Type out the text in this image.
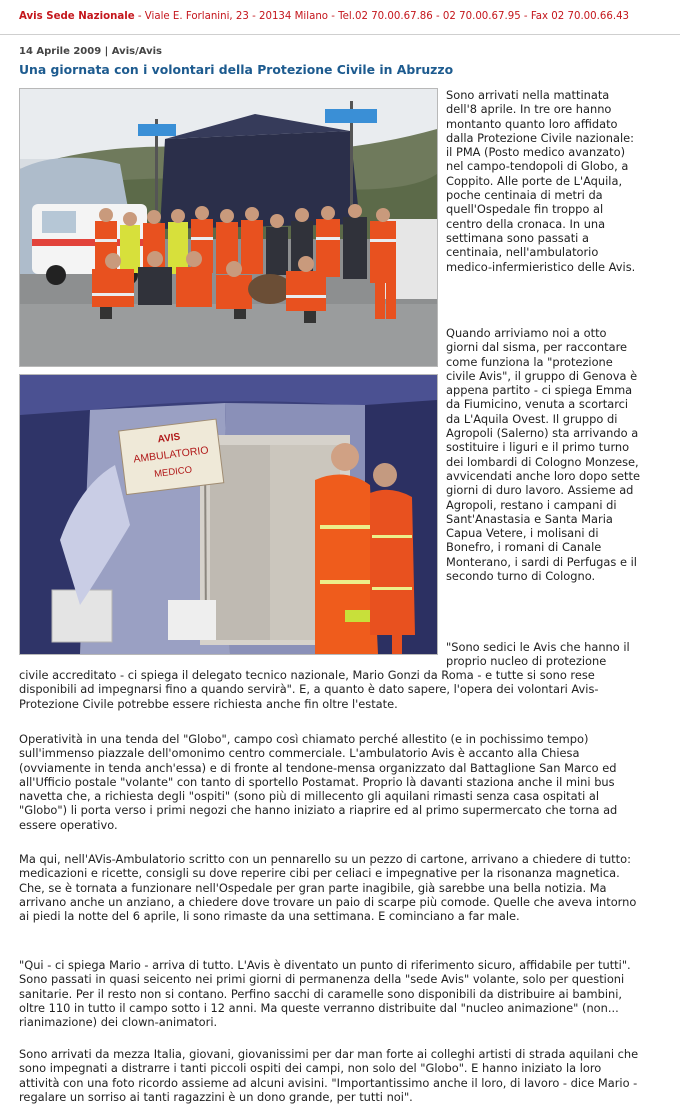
Avis Sede Nazionale - Viale E. Forlanini, 23 - 20134 Milano - Tel.02 70.00.67.86 - 02 70.00.67.95 - Fax 02 70.00.66.43
14 Aprile 2009 | Avis/Avis
Una giornata con i volontari della Protezione Civile in Abruzzo
AVIS
AMBULATORIO
MEDICO

Sono arrivati nella mattinata dell'8 aprile. In tre ore hanno montanto quanto loro affidato dalla Protezione Civile nazionale: il PMA (Posto medico avanzato) nel campo-tendopoli di Globo, a Coppito. Alle porte de L'Aquila, poche centinaia di metri da quell'Ospedale fin troppo al centro della cronaca. In una settimana sono passati a centinaia, nell'ambulatorio medico-infermieristico delle Avis.

Quando arriviamo noi a otto giorni dal sisma, per raccontare come funziona la "protezione civile Avis", il gruppo di Genova è appena partito - ci spiega Emma da Fiumicino, venuta a scortarci da L'Aquila Ovest. Il gruppo di Agropoli (Salerno) sta arrivando a sostituire i liguri e il primo turno dei lombardi di Cologno Monzese, avvicendati anche loro dopo sette giorni di duro lavoro. Assieme ad Agropoli, restano i campani di Sant'Anastasia e Santa Maria Capua Vetere, i molisani di Bonefro, i romani di Canale Monterano, i sardi di Perfugas e il secondo turno di Cologno.

"Sono sedici le Avis che hanno il proprio nucleo di protezione

civile accreditato - ci spiega il delegato tecnico nazionale, Mario Gonzi da Roma - e tutte si sono rese disponibili ad impegnarsi fino a quando servirà". E, a quanto è dato sapere, l'opera dei volontari Avis-Protezione Civile potrebbe essere richiesta anche fin oltre l'estate.

Operatività in una tenda del "Globo", campo così chiamato perché allestito (e in pochissimo tempo) sull'immenso piazzale dell'omonimo centro commerciale. L'ambulatorio Avis è accanto alla Chiesa (ovviamente in tenda anch'essa) e di fronte al tendone-mensa organizzato dal Battaglione San Marco ed all'Ufficio postale "volante" con tanto di sportello Postamat. Proprio là davanti staziona anche il mini bus navetta che, a richiesta degli "ospiti" (sono più di millecento gli aquilani rimasti senza casa ospitati al "Globo") li porta verso i primi negozi che hanno iniziato a riaprire ed al primo supermercato che torna ad essere operativo.

Ma qui, nell'AVis-Ambulatorio scritto con un pennarello su un pezzo di cartone, arrivano a chiedere di tutto: medicazioni e ricette, consigli su dove reperire cibi per celiaci e impegnative per la risonanza magnetica. Che, se è tornata a funzionare nell'Ospedale per gran parte inagibile, già sarebbe una bella notizia. Ma arrivano anche un anziano, a chiedere dove trovare un paio di scarpe più comode. Quelle che aveva intorno ai piedi la notte del 6 aprile, li sono rimaste da una settimana. E cominciano a far male.

"Qui - ci spiega Mario - arriva di tutto. L'Avis è diventato un punto di riferimento sicuro, affidabile per tutti". Sono passati in quasi seicento nei primi giorni di permanenza della "sede Avis" volante, solo per questioni sanitarie. Per il resto non si contano. Perfino sacchi di caramelle sono disponibili da distribuire ai bambini, oltre 110 in tutto il campo sotto i 12 anni. Ma queste verranno distribuite dal "nucleo animazione" (non... rianimazione) dei clown-animatori.

Sono arrivati da mezza Italia, giovani, giovanissimi per dar man forte ai colleghi artisti di strada aquilani che sono impegnati a distrarre i tanti piccoli ospiti dei campi, non solo del "Globo". E hanno iniziato la loro attività con una foto ricordo assieme ad alcuni avisini. "Importantissimo anche il loro, di lavoro - dice Mario - regalare un sorriso ai tanti ragazzini è un dono grande, per tutti noi".
